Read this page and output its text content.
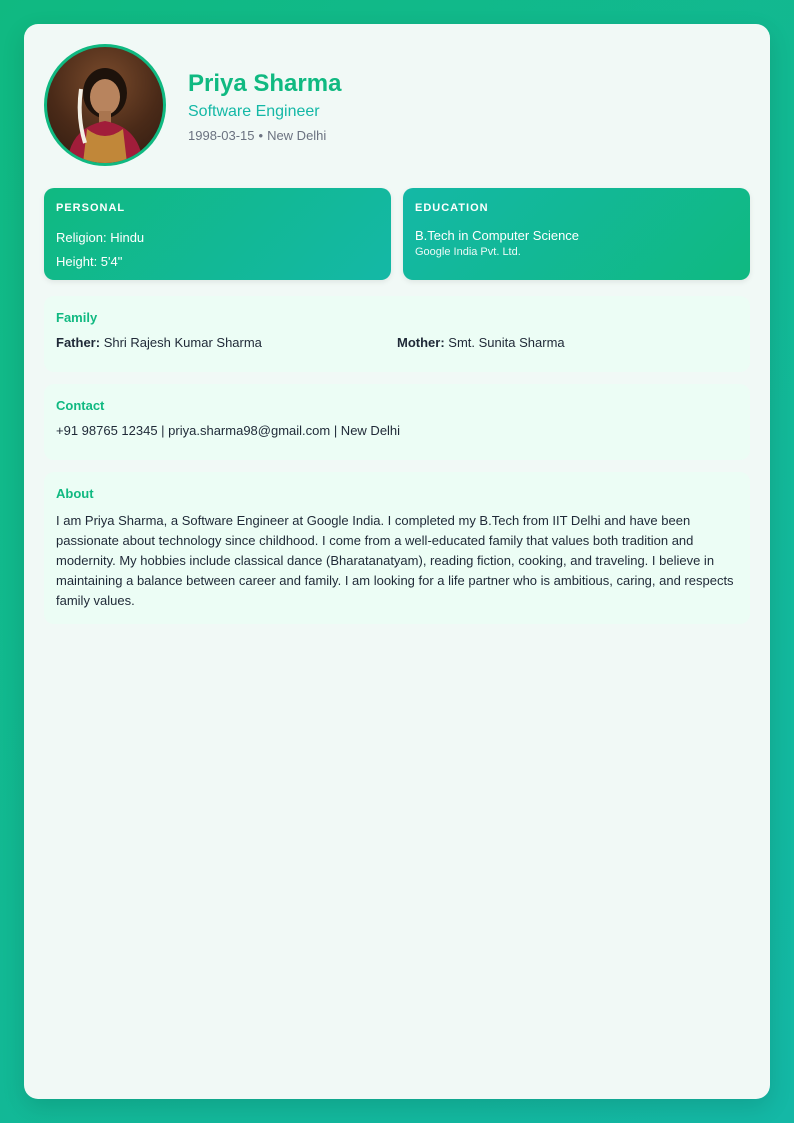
Priya Sharma
Software Engineer
1998-03-15 • New Delhi
PERSONAL
Religion: Hindu
Height: 5'4"
EDUCATION
B.Tech in Computer Science
Google India Pvt. Ltd.
Family
Father: Shri Rajesh Kumar Sharma	Mother: Smt. Sunita Sharma
Contact
+91 98765 12345 | priya.sharma98@gmail.com | New Delhi
About

I am Priya Sharma, a Software Engineer at Google India. I completed my B.Tech from IIT Delhi and have been passionate about technology since childhood. I come from a well-educated family that values both tradition and modernity. My hobbies include classical dance (Bharatanatyam), reading fiction, cooking, and traveling. I believe in maintaining a balance between career and family. I am looking for a life partner who is ambitious, caring, and respects family values.
